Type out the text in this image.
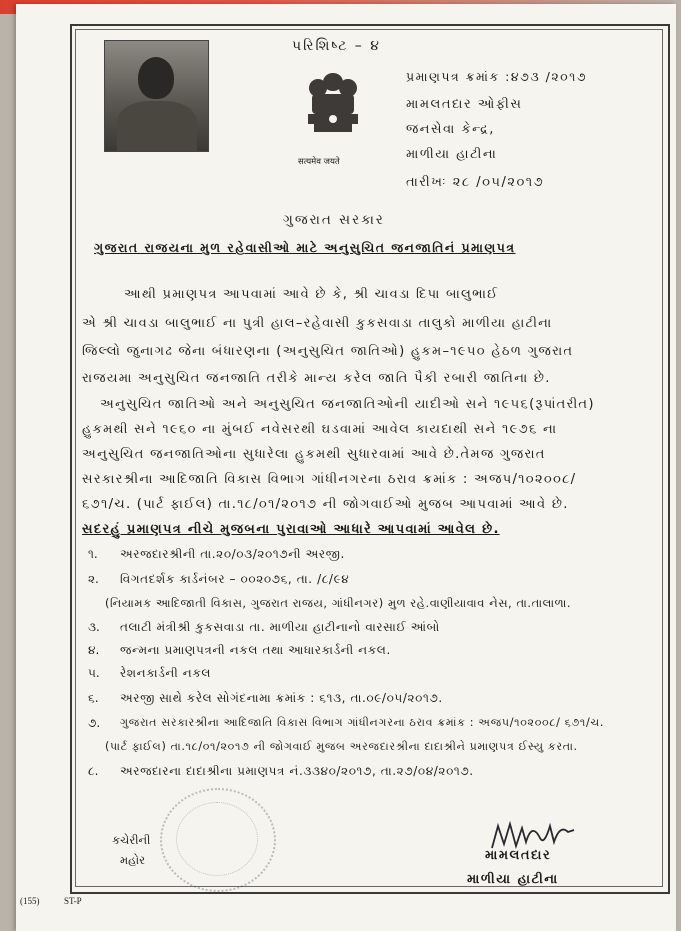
सत्यमेव जयते
પરિશિષ્ટ – ૪
પ્રમાણપત્ર ક્રમાંક :૪૭૩ /૨૦૧૭
મામલતદાર ઓફીસ
જનસેવા કેન્દ્ર,
માળીયા હાટીના
તારીખઃ ૨૮ /૦૫/૨૦૧૭
ગુજરાત સરકાર
ગુજરાત રાજયના મુળ રહેવાસીઓ માટે અનુસુચિત જનજાતિનં પ્રમાણપત્ર
આથી પ્રમાણપત્ર આપવામાં આવે છે કે, શ્રી ચાવડા દિપા બાલુભાઈ
એ શ્રી ચાવડા બાલુભાઈ ના પુત્રી હાલ–રહેવાસી કુકસવાડા તાલુકો માળીયા હાટીના
જિલ્લો જુનાગઢ જેના બંધારણના (અનુસુચિત જાતિઓ) હુકમ–૧૯૫૦ હેઠળ ગુજરાત
રાજયમા અનુસુચિત જનજાતિ તરીકે માન્ય કરેલ જાતિ પૈકી રબારી જાતિના છે.
અનુસુચિત જાતિઓ અને અનુસુચિત જનજાતિઓની યાદીઓ સને ૧૯૫૬(રૂપાંતરીત)
હુકમથી સને ૧૯૬૦ ના મુંબઈ નવેસરથી ઘડવામાં આવેલ કાયદાથી સને ૧૯૭૬ ના
અનુસુચિત જનજાતિઓના સુધારેલા હુકમથી સુધારવામાં આવે છે.તેમજ ગુજરાત
સરકારશ્રીના આદિજાતિ વિકાસ વિભાગ ગાંધીનગરના ઠરાવ ક્રમાંક : અજપ/૧૦૨૦૦૮/
૬૭૧/ચ. (પાર્ટ ફાઈલ) તા.૧૮/૦૧/૨૦૧૭ ની જોગવાઈઓ મુજબ આપવામાં આવે છે.
સદરહું પ્રમાણપત્ર નીચે મુજબના પુરાવાઓ આધારે આપવામાં આવેલ છે.
૧. અરજદારશ્રીની તા.૨૦/૦૩/૨૦૧૭ની અરજી.
૨. વિગતદર્શક કાર્ડનંબર – ૦૦૨૦૭૬, તા. /૮/૯૪
(નિયામક આદિજાતી વિકાસ, ગુજરાત રાજય, ગાંધીનગર) મુળ રહે.વાણીયાવાવ નેસ, તા.તાલાળા.
૩. તલાટી મંત્રીશ્રી કુકસવાડા તા. માળીયા હાટીનાનો વારસાઈ આંબો
૪. જન્મના પ્રમાણપત્રની નકલ તથા આધારકાર્ડની નકલ.
૫. રેશનકાર્ડની નકલ
૬. અરજી સાથે કરેલ સોગંદનામા ક્રમાંક : ૬૧૩, તા.૦૯/૦૫/૨૦૧૭.
૭. ગુજરાત સરકારશ્રીના આદિજાતિ વિકાસ વિભાગ ગાંધીનગરના ઠરાવ ક્રમાંક : અજપ/૧૦૨૦૦૮/ ૬૭૧/ચ.
(પાર્ટ ફાઈલ) તા.૧૮/૦૧/૨૦૧૭ ની જોગવાઈ મુજબ અરજદારશ્રીના દાદાશ્રીને પ્રમાણપત્ર ઈસ્યુ કરતા.
૮. અરજદારના દાદાશ્રીના પ્રમાણપત્ર નં.૩૩૪૦/૨૦૧૭, તા.૨૭/૦૪/૨૦૧૭.
કચેરીની
મહોર	મામલતદાર
માળીયા હાટીના
(155)	ST-P
